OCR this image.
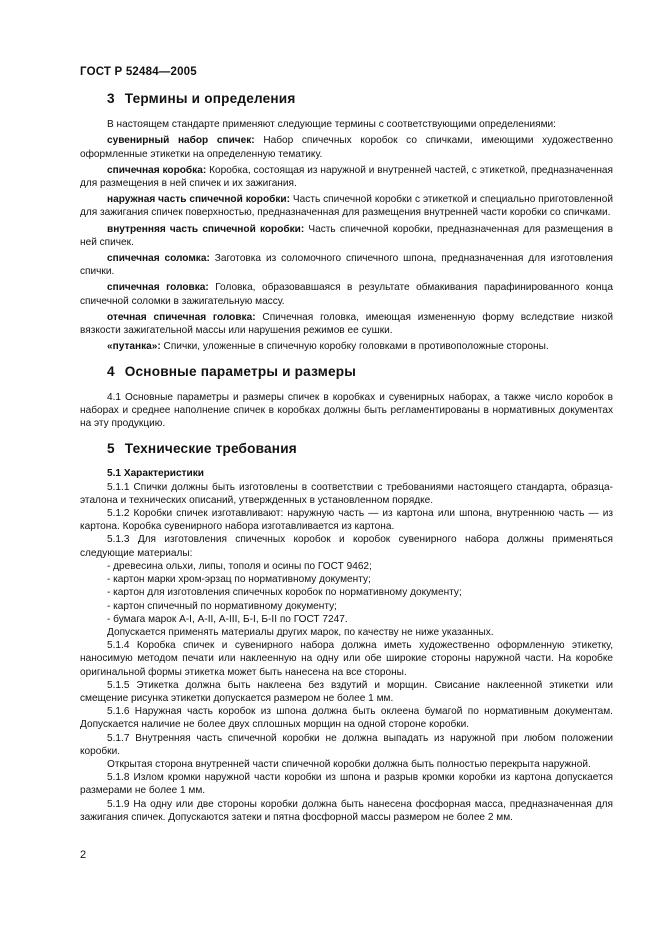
ГОСТ Р 52484—2005
3 Термины и определения

В настоящем стандарте применяют следующие термины с соответствующими определениями:

сувенирный набор спичек: Набор спичечных коробок со спичками, имеющими художественно оформленные этикетки на определенную тематику.

спичечная коробка: Коробка, состоящая из наружной и внутренней частей, с этикеткой, предназначенная для размещения в ней спичек и их зажигания.

наружная часть спичечной коробки: Часть спичечной коробки с этикеткой и специально приготовленной для зажигания спичек поверхностью, предназначенная для размещения внутренней части коробки со спичками.

внутренняя часть спичечной коробки: Часть спичечной коробки, предназначенная для размещения в ней спичек.

спичечная соломка: Заготовка из соломочного спичечного шпона, предназначенная для изготовления спички.

спичечная головка: Головка, образовавшаяся в результате обмакивания парафинированного конца спичечной соломки в зажигательную массу.

отечная спичечная головка: Спичечная головка, имеющая измененную форму вследствие низкой вязкости зажигательной массы или нарушения режимов ее сушки.

«путанка»: Спички, уложенные в спичечную коробку головками в противоположные стороны.

4 Основные параметры и размеры

4.1 Основные параметры и размеры спичек в коробках и сувенирных наборах, а также число коробок в наборах и среднее наполнение спичек в коробках должны быть регламентированы в нормативных документах на эту продукцию.

5 Технические требования
5.1 Характеристики

5.1.1 Спички должны быть изготовлены в соответствии с требованиями настоящего стандарта, образца-эталона и технических описаний, утвержденных в установленном порядке.

5.1.2 Коробки спичек изготавливают: наружную часть — из картона или шпона, внутреннюю часть — из картона. Коробка сувенирного набора изготавливается из картона.

5.1.3 Для изготовления спичечных коробок и коробок сувенирного набора должны применяться следующие материалы:

- древесина ольхи, липы, тополя и осины по ГОСТ 9462;
- картон марки хром-эрзац по нормативному документу;
- картон для изготовления спичечных коробок по нормативному документу;
- картон спичечный по нормативному документу;
- бумага марок А-I, А-II, А-III, Б-I, Б-II по ГОСТ 7247.

Допускается применять материалы других марок, по качеству не ниже указанных.

5.1.4 Коробка спичек и сувенирного набора должна иметь художественно оформленную этикетку, наносимую методом печати или наклеенную на одну или обе широкие стороны наружной части. На коробке оригинальной формы этикетка может быть нанесена на все стороны.

5.1.5 Этикетка должна быть наклеена без вздутий и морщин. Свисание наклеенной этикетки или смещение рисунка этикетки допускается размером не более 1 мм.

5.1.6 Наружная часть коробок из шпона должна быть оклеена бумагой по нормативным документам. Допускается наличие не более двух сплошных морщин на одной стороне коробки.

5.1.7 Внутренняя часть спичечной коробки не должна выпадать из наружной при любом положении коробки.

Открытая сторона внутренней части спичечной коробки должна быть полностью перекрыта наружной.

5.1.8 Излом кромки наружной части коробки из шпона и разрыв кромки коробки из картона допускается размерами не более 1 мм.

5.1.9 На одну или две стороны коробки должна быть нанесена фосфорная масса, предназначенная для зажигания спичек. Допускаются затеки и пятна фосфорной массы размером не более 2 мм.

2
